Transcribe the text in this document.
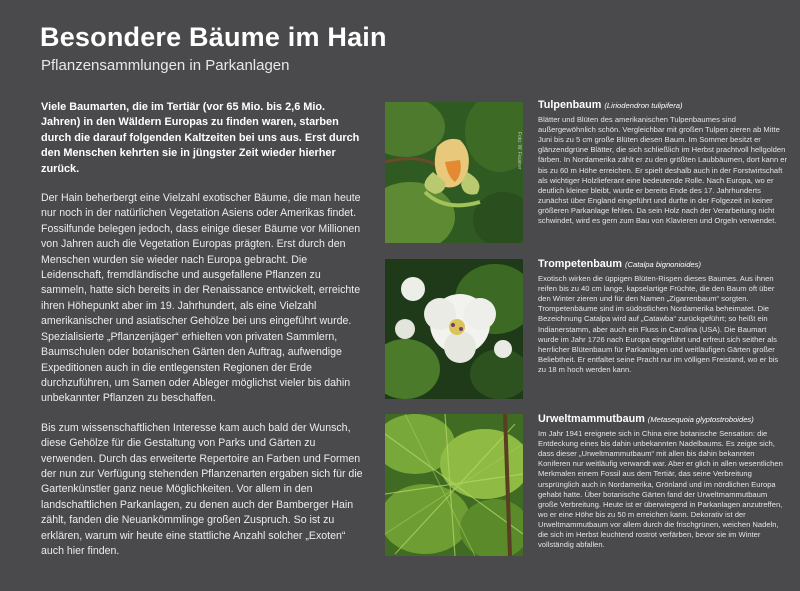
Besondere Bäume im Hain
Pflanzensammlungen in Parkanlagen

Viele Baumarten, die im Tertiär (vor 65 Mio. bis 2,6 Mio. Jahren) in den Wäldern Europas zu finden waren, starben durch die darauf folgenden Kaltzeiten bei uns aus. Erst durch den Menschen kehrten sie in jüngster Zeit wieder hierher zurück.

Der Hain beherbergt eine Vielzahl exotischer Bäume, die man heute nur noch in der natürlichen Vegetation Asiens oder Amerikas findet. Fossilfunde belegen jedoch, dass einige dieser Bäume vor Millionen von Jahren auch die Vegetation Europas prägten. Erst durch den Menschen wurden sie wieder nach Europa gebracht. Die Leidenschaft, fremdländische und ausgefallene Pflanzen zu sammeln, hatte sich bereits in der Renaissance entwickelt, erreichte ihren Höhepunkt aber im 19. Jahrhundert, als eine Vielzahl amerikanischer und asiatischer Gehölze bei uns eingeführt wurde. Spezialisierte „Pflanzenjäger“ erhielten von privaten Sammlern, Baumschulen oder botanischen Gärten den Auftrag, aufwendige Expeditionen auch in die entlegensten Regionen der Erde durchzuführen, um Samen oder Ableger möglichst vieler bis dahin unbekannter Pflanzen zu beschaffen.

Bis zum wissenschaftlichen Interesse kam auch bald der Wunsch, diese Gehölze für die Gestaltung von Parks und Gärten zu verwenden. Durch das erweiterte Repertoire an Farben und Formen der nun zur Verfügung stehenden Pflanzenarten ergaben sich für die Gartenkünstler ganz neue Möglichkeiten. Vor allem in den landschaftlichen Parkanlagen, zu denen auch der Bamberger Hain zählt, fanden die Neuankömmlinge großen Zuspruch. So ist zu erklären, warum wir heute eine stattliche Anzahl solcher „Exoten“ auch hier finden.

Foto: W. Feuerer
Tulpenbaum (Liriodendron tulipifera)

Blätter und Blüten des amerikanischen Tulpenbaumes sind außergewöhnlich schön. Vergleichbar mit großen Tulpen zieren ab Mitte Juni bis zu 5 cm große Blüten diesen Baum. Im Sommer besitzt er glänzendgrüne Blätter, die sich schließlich im Herbst prachtvoll hellgolden färben. In Nordamerika zählt er zu den größten Laubbäumen, dort kann er bis zu 60 m Höhe erreichen. Er spielt deshalb auch in der Forstwirtschaft als wichtiger Holzlieferant eine bedeutende Rolle. Nach Europa, wo er deutlich kleiner bleibt, wurde er bereits Ende des 17. Jahrhunderts zunächst über England eingeführt und durfte in der Folgezeit in keiner größeren Parkanlage fehlen. Da sein Holz nach der Verarbeitung nicht schwindet, wird es gern zum Bau von Klavieren und Orgeln verwendet.

Trompetenbaum (Catalpa bignonioides)

Exotisch wirken die üppigen Blüten-Rispen dieses Baumes. Aus ihnen reifen bis zu 40 cm lange, kapselartige Früchte, die den Baum oft über den Winter zieren und für den Namen „Zigarrenbaum“ sorgten. Trompetenbäume sind im südöstlichen Nordamerika beheimatet. Die Bezeichnung Catalpa wird auf „Catawba“ zurückgeführt; so heißt ein Indianerstamm, aber auch ein Fluss in Carolina (USA). Die Baumart wurde im Jahr 1726 nach Europa eingeführt und erfreut sich seither als herrlicher Blütenbaum für Parkanlagen und weitläufigen Gärten großer Beliebtheit. Er entfaltet seine Pracht nur im völligen Freistand, wo er bis zu 18 m hoch werden kann.

Urweltmammutbaum (Metasequoia glyptostroboides)

Im Jahr 1941 ereignete sich in China eine botanische Sensation: die Entdeckung eines bis dahin unbekannten Nadelbaums. Es zeigte sich, dass dieser „Urweltmammutbaum“ mit allen bis dahin bekannten Koniferen nur weitläufig verwandt war. Aber er glich in allen wesentlichen Merkmalen einem Fossil aus dem Tertiär, das seine Verbreitung ursprünglich auch in Nordamerika, Grönland und im nördlichen Europa gehabt hatte. Über botanische Gärten fand der Urweltmammutbaum große Verbreitung. Heute ist er überwiegend in Parkanlagen anzutreffen, wo er eine Höhe bis zu 50 m erreichen kann. Dekorativ ist der Urweltmammutbaum vor allem durch die frischgrünen, weichen Nadeln, die sich im Herbst leuchtend rostrot verfärben, bevor sie im Winter vollständig abfallen.
